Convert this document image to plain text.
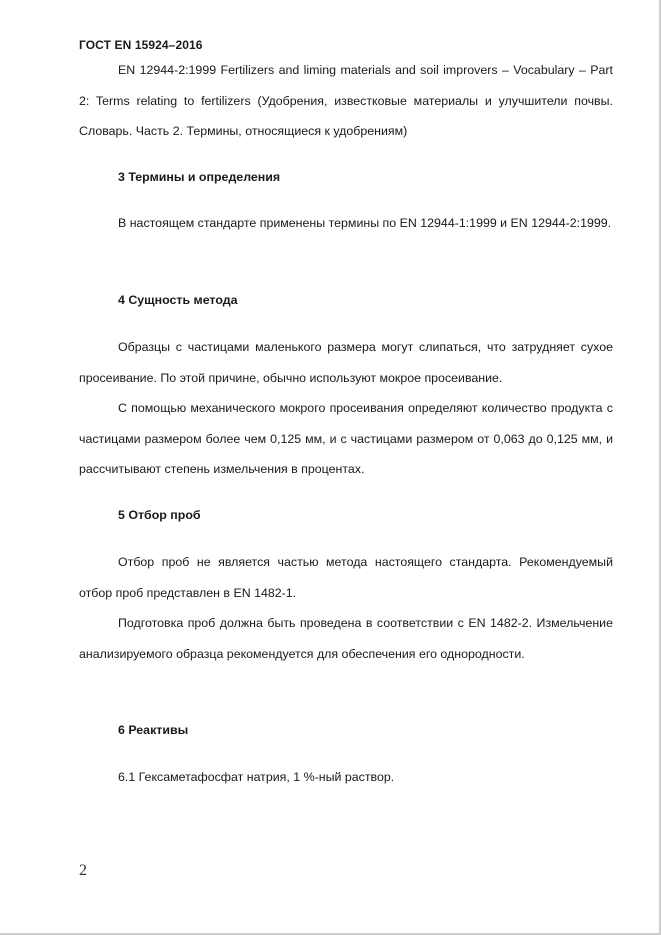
ГОСТ EN 15924–2016

EN 12944-2:1999 Fertilizers and liming materials and soil improvers – Vocabulary – Part 2: Terms relating to fertilizers (Удобрения, известковые материалы и улучшители почвы. Словарь. Часть 2. Термины, относящиеся к удобрениям)

3 Термины и определения

В настоящем стандарте применены термины по EN 12944-1:1999 и EN 12944-2:1999.

4 Сущность метода

Образцы с частицами маленького размера могут слипаться, что затрудняет сухое просеивание. По этой причине, обычно используют мокрое просеивание.

С помощью механического мокрого просеивания определяют количество продукта с частицами размером более чем 0,125 мм, и с частицами размером от 0,063 до 0,125 мм, и рассчитывают степень измельчения в процентах.

5 Отбор проб

Отбор проб не является частью метода настоящего стандарта. Рекомендуемый отбор проб представлен в EN 1482-1.

Подготовка проб должна быть проведена в соответствии с EN 1482-2. Измельчение анализируемого образца рекомендуется для обеспечения его однородности.

6 Реактивы

6.1 Гексаметафосфат натрия, 1 %-ный раствор.

2
